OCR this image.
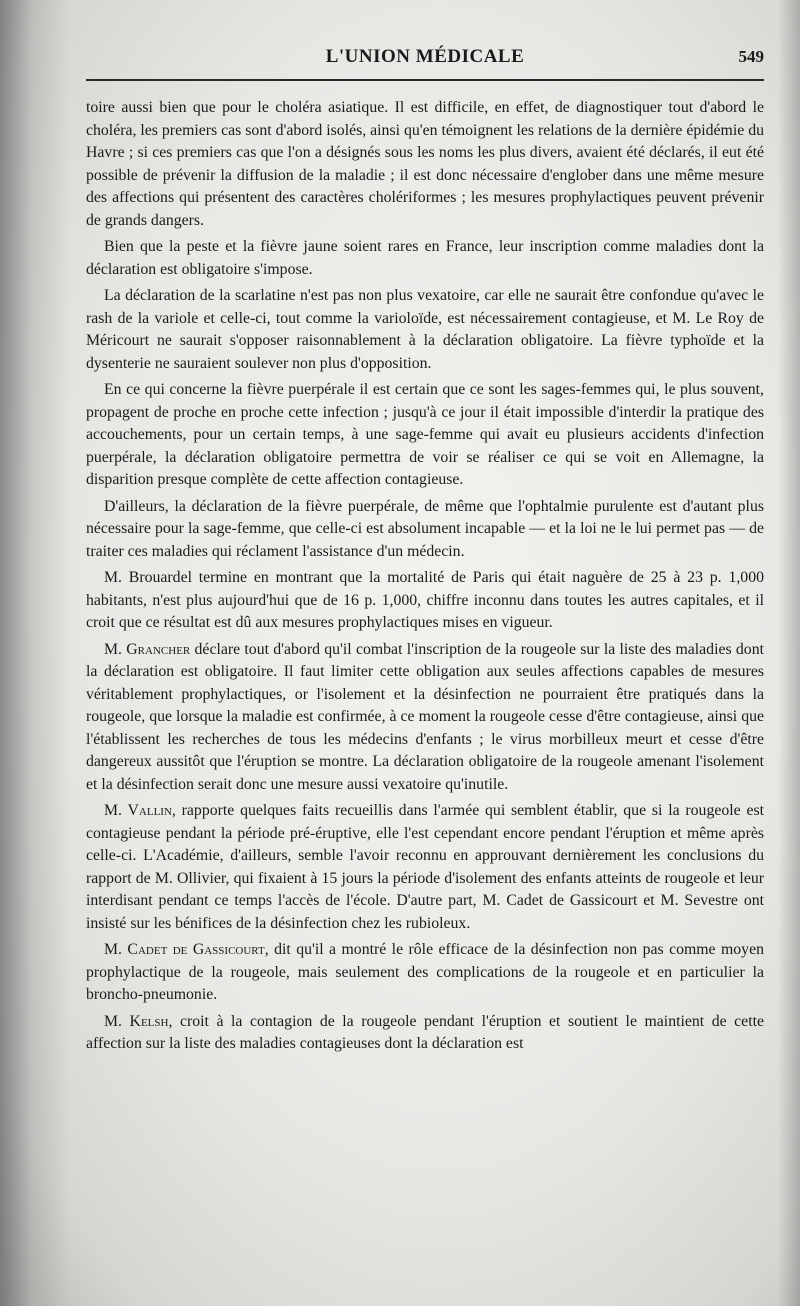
L'UNION MÉDICALE	549

toire aussi bien que pour le choléra asiatique. Il est difficile, en effet, de diagnostiquer tout d'abord le choléra, les premiers cas sont d'abord isolés, ainsi qu'en témoignent les relations de la dernière épidémie du Havre ; si ces premiers cas que l'on a désignés sous les noms les plus divers, avaient été déclarés, il eut été possible de prévenir la diffusion de la maladie ; il est donc nécessaire d'englober dans une même mesure des affections qui présentent des caractères cholériformes ; les mesures prophylactiques peuvent prévenir de grands dangers.

Bien que la peste et la fièvre jaune soient rares en France, leur inscription comme maladies dont la déclaration est obligatoire s'impose.

La déclaration de la scarlatine n'est pas non plus vexatoire, car elle ne saurait être confondue qu'avec le rash de la variole et celle-ci, tout comme la varioloïde, est nécessairement contagieuse, et M. Le Roy de Méricourt ne saurait s'opposer raisonnablement à la déclaration obligatoire. La fièvre typhoïde et la dysenterie ne sauraient soulever non plus d'opposition.

En ce qui concerne la fièvre puerpérale il est certain que ce sont les sages-femmes qui, le plus souvent, propagent de proche en proche cette infection ; jusqu'à ce jour il était impossible d'interdir la pratique des accouchements, pour un certain temps, à une sage-femme qui avait eu plusieurs accidents d'infection puerpérale, la déclaration obligatoire permettra de voir se réaliser ce qui se voit en Allemagne, la disparition presque complète de cette affection contagieuse.

D'ailleurs, la déclaration de la fièvre puerpérale, de même que l'ophtalmie purulente est d'autant plus nécessaire pour la sage-femme, que celle-ci est absolument incapable — et la loi ne le lui permet pas — de traiter ces maladies qui réclament l'assistance d'un médecin.

M. Brouardel termine en montrant que la mortalité de Paris qui était naguère de 25 à 23 p. 1,000 habitants, n'est plus aujourd'hui que de 16 p. 1,000, chiffre inconnu dans toutes les autres capitales, et il croit que ce résultat est dû aux mesures prophylactiques mises en vigueur.

M. Grancher déclare tout d'abord qu'il combat l'inscription de la rougeole sur la liste des maladies dont la déclaration est obligatoire. Il faut limiter cette obligation aux seules affections capables de mesures véritablement prophylactiques, or l'isolement et la désinfection ne pourraient être pratiqués dans la rougeole, que lorsque la maladie est confirmée, à ce moment la rougeole cesse d'être contagieuse, ainsi que l'établissent les recherches de tous les médecins d'enfants ; le virus morbilleux meurt et cesse d'être dangereux aussitôt que l'éruption se montre. La déclaration obligatoire de la rougeole amenant l'isolement et la désinfection serait donc une mesure aussi vexatoire qu'inutile.

M. Vallin, rapporte quelques faits recueillis dans l'armée qui semblent établir, que si la rougeole est contagieuse pendant la période pré-éruptive, elle l'est cependant encore pendant l'éruption et même après celle-ci. L'Académie, d'ailleurs, semble l'avoir reconnu en approuvant dernièrement les conclusions du rapport de M. Ollivier, qui fixaient à 15 jours la période d'isolement des enfants atteints de rougeole et leur interdisant pendant ce temps l'accès de l'école. D'autre part, M. Cadet de Gassicourt et M. Sevestre ont insisté sur les bénifices de la désinfection chez les rubioleux.

M. Cadet de Gassicourt, dit qu'il a montré le rôle efficace de la désinfection non pas comme moyen prophylactique de la rougeole, mais seulement des complications de la rougeole et en particulier la broncho-pneumonie.

M. Kelsh, croit à la contagion de la rougeole pendant l'éruption et soutient le maintient de cette affection sur la liste des maladies contagieuses dont la déclaration est
